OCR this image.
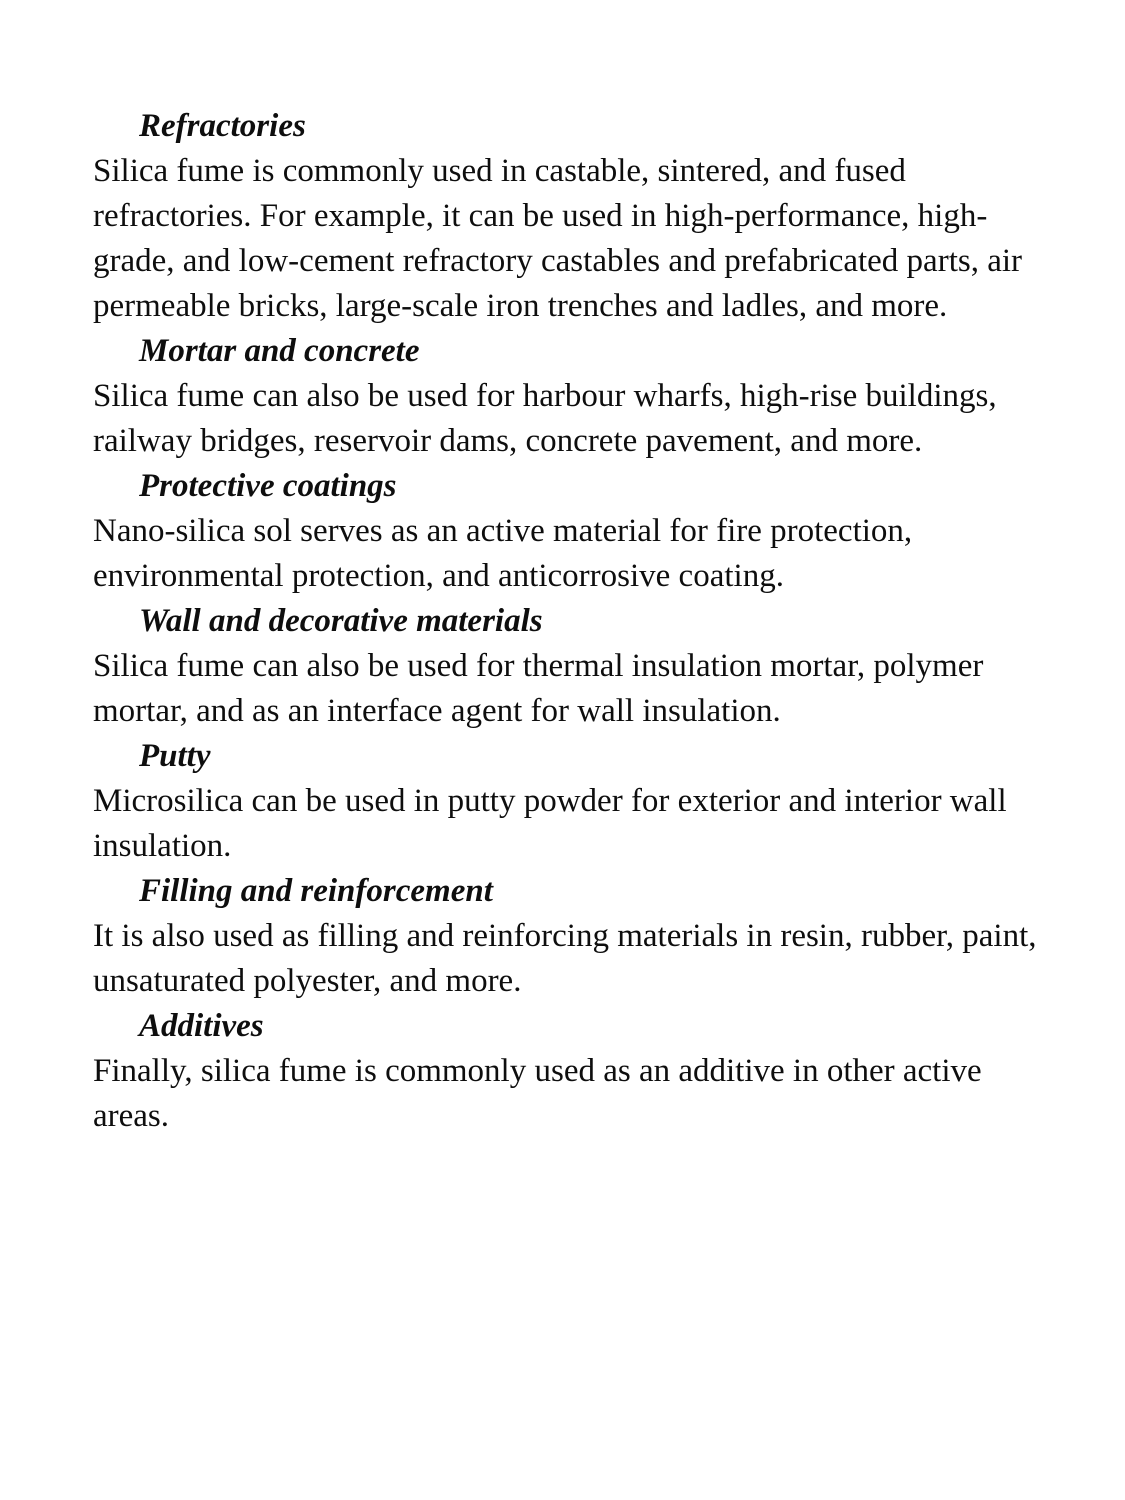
Refractories

Silica fume is commonly used in castable, sintered, and fused refractories. For example, it can be used in high-performance, high-grade, and low-cement refractory castables and prefabricated parts, air permeable bricks, large-scale iron trenches and ladles, and more.

Mortar and concrete

Silica fume can also be used for harbour wharfs, high-rise buildings, railway bridges, reservoir dams, concrete pavement, and more.

Protective coatings

Nano-silica sol serves as an active material for fire protection, environmental protection, and anticorrosive coating.

Wall and decorative materials

Silica fume can also be used for thermal insulation mortar, polymer mortar, and as an interface agent for wall insulation.

Putty

Microsilica can be used in putty powder for exterior and interior wall insulation.

Filling and reinforcement

It is also used as filling and reinforcing materials in resin, rubber, paint, unsaturated polyester, and more.

Additives

Finally, silica fume is commonly used as an additive in other active areas.
